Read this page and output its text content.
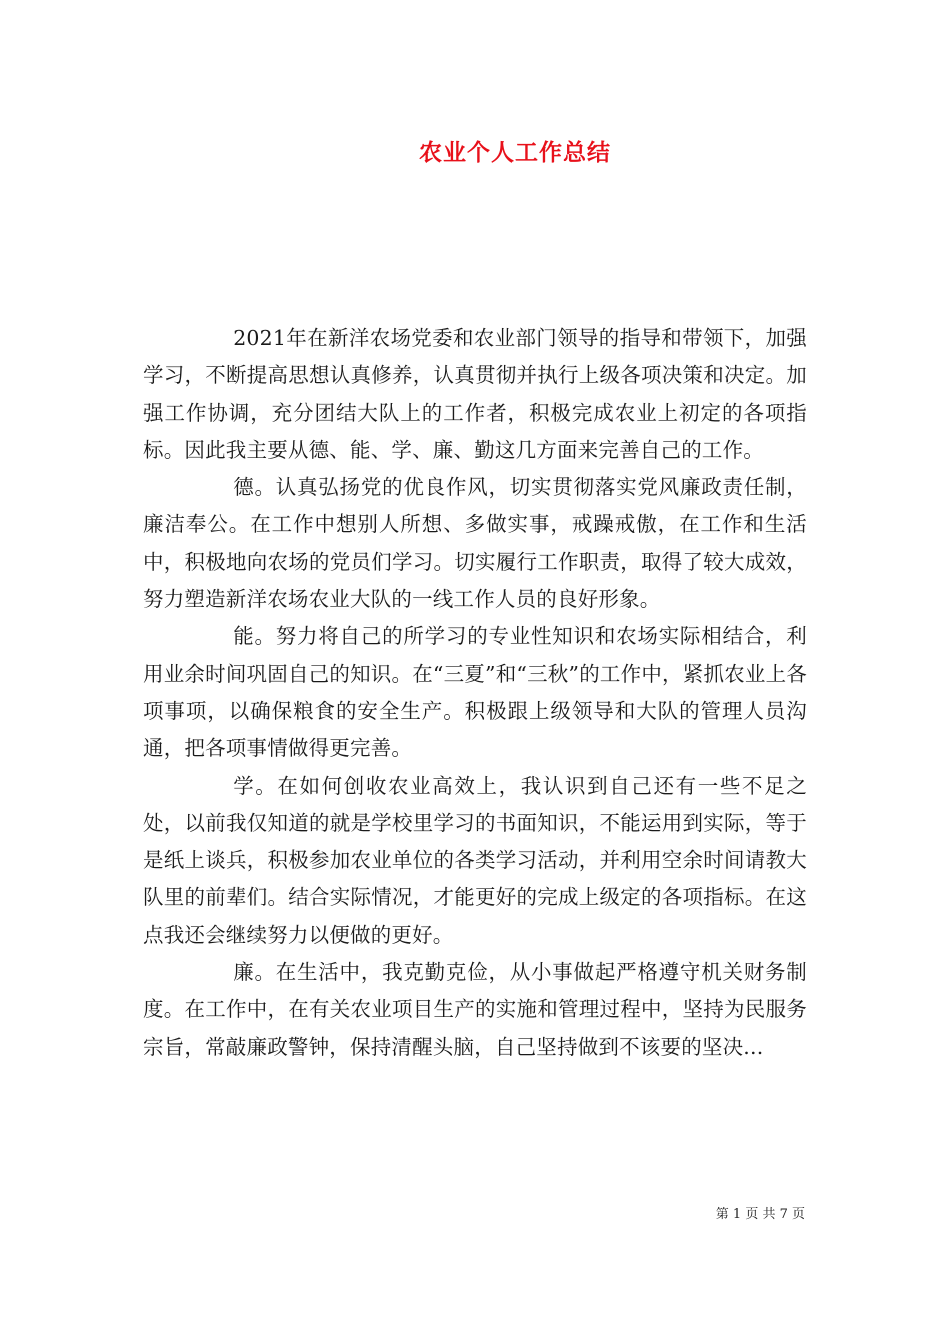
农业个人工作总结

2021年在新洋农场党委和农业部门领导的指导和带领下，加强学习，不断提高思想认真修养，认真贯彻并执行上级各项决策和决定。加强工作协调，充分团结大队上的工作者，积极完成农业上初定的各项指标。因此我主要从德、能、学、廉、勤这几方面来完善自己的工作。

德。认真弘扬党的优良作风，切实贯彻落实党风廉政责任制，廉洁奉公。在工作中想别人所想、多做实事，戒躁戒傲，在工作和生活中，积极地向农场的党员们学习。切实履行工作职责，取得了较大成效，努力塑造新洋农场农业大队的一线工作人员的良好形象。

能。努力将自己的所学习的专业性知识和农场实际相结合，利用业余时间巩固自己的知识。在“三夏”和“三秋”的工作中，紧抓农业上各项事项，以确保粮食的安全生产。积极跟上级领导和大队的管理人员沟通，把各项事情做得更完善。

学。在如何创收农业高效上，我认识到自己还有一些不足之处，以前我仅知道的就是学校里学习的书面知识，不能运用到实际，等于是纸上谈兵，积极参加农业单位的各类学习活动，并利用空余时间请教大队里的前辈们。结合实际情况，才能更好的完成上级定的各项指标。在这点我还会继续努力以便做的更好。

廉。在生活中，我克勤克俭，从小事做起严格遵守机关财务制度。在工作中，在有关农业项目生产的实施和管理过程中，坚持为民服务宗旨，常敲廉政警钟，保持清醒头脑，自己坚持做到不该要的坚决...

第 1 页 共 7 页
